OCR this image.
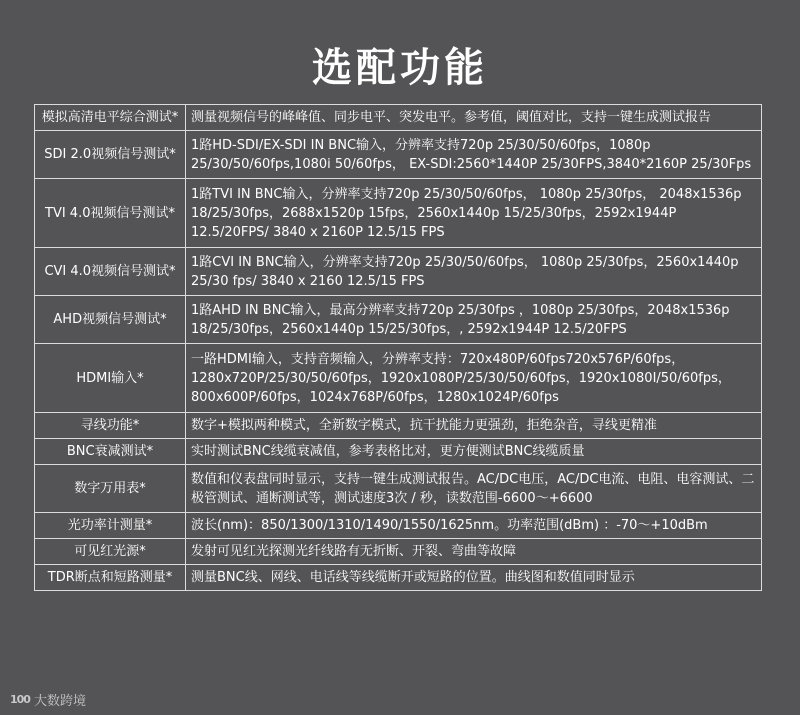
选配功能
模拟高清电平综合测试*	测量视频信号的峰峰值、同步电平、突发电平。参考值，阈值对比，支持一键生成测试报告
SDI 2.0视频信号测试*	1路HD-SDI/EX-SDI IN BNC输入，分辨率支持720p 25/30/50/60fps，1080p 25/30/50/60fps,1080i 50/60fps， EX-SDI:2560*1440P 25/30FPS,3840*2160P 25/30Fps
TVI 4.0视频信号测试*	1路TVI IN BNC输入，分辨率支持720p 25/30/50/60fps， 1080p 25/30fps， 2048x1536p 18/25/30fps，2688x1520p 15fps，2560x1440p 15/25/30fps，2592x1944P 12.5/20FPS/ 3840 x 2160P 12.5/15 FPS
CVI 4.0视频信号测试*	1路CVI IN BNC输入，分辨率支持720p 25/30/50/60fps， 1080p 25/30fps，2560x1440p 25/30 fps/ 3840 x 2160 12.5/15 FPS
AHD视频信号测试*	1路AHD IN BNC输入，最高分辨率支持720p 25/30fps ，1080p 25/30fps，2048x1536p 18/25/30fps，2560x1440p 15/25/30fps，, 2592x1944P 12.5/20FPS
HDMI输入*	一路HDMI输入，支持音频输入，分辨率支持：720x480P/60fps720x576P/60fps，1280x720P/25/30/50/60fps，1920x1080P/25/30/50/60fps，1920x1080I/50/60fps，800x600P/60fps，1024x768P/60fps，1280x1024P/60fps
寻线功能*	数字+模拟两种模式，全新数字模式，抗干扰能力更强劲，拒绝杂音，寻线更精准
BNC衰减测试*	实时测试BNC线缆衰减值，参考表格比对，更方便测试BNC线缆质量
数字万用表*	数值和仪表盘同时显示，支持一键生成测试报告。AC/DC电压，AC/DC电流、电阻、电容测试、二极管测试、通断测试等，测试速度3次 / 秒，读数范围-6600～+6600
光功率计测量*	波长(nm)：850/1300/1310/1490/1550/1625nm。功率范围(dBm) ：-70～+10dBm
可见红光源*	发射可见红光探测光纤线路有无折断、开裂、弯曲等故障
TDR断点和短路测量*	测量BNC线、网线、电话线等线缆断开或短路的位置。曲线图和数值同时显示
100 大数跨境
